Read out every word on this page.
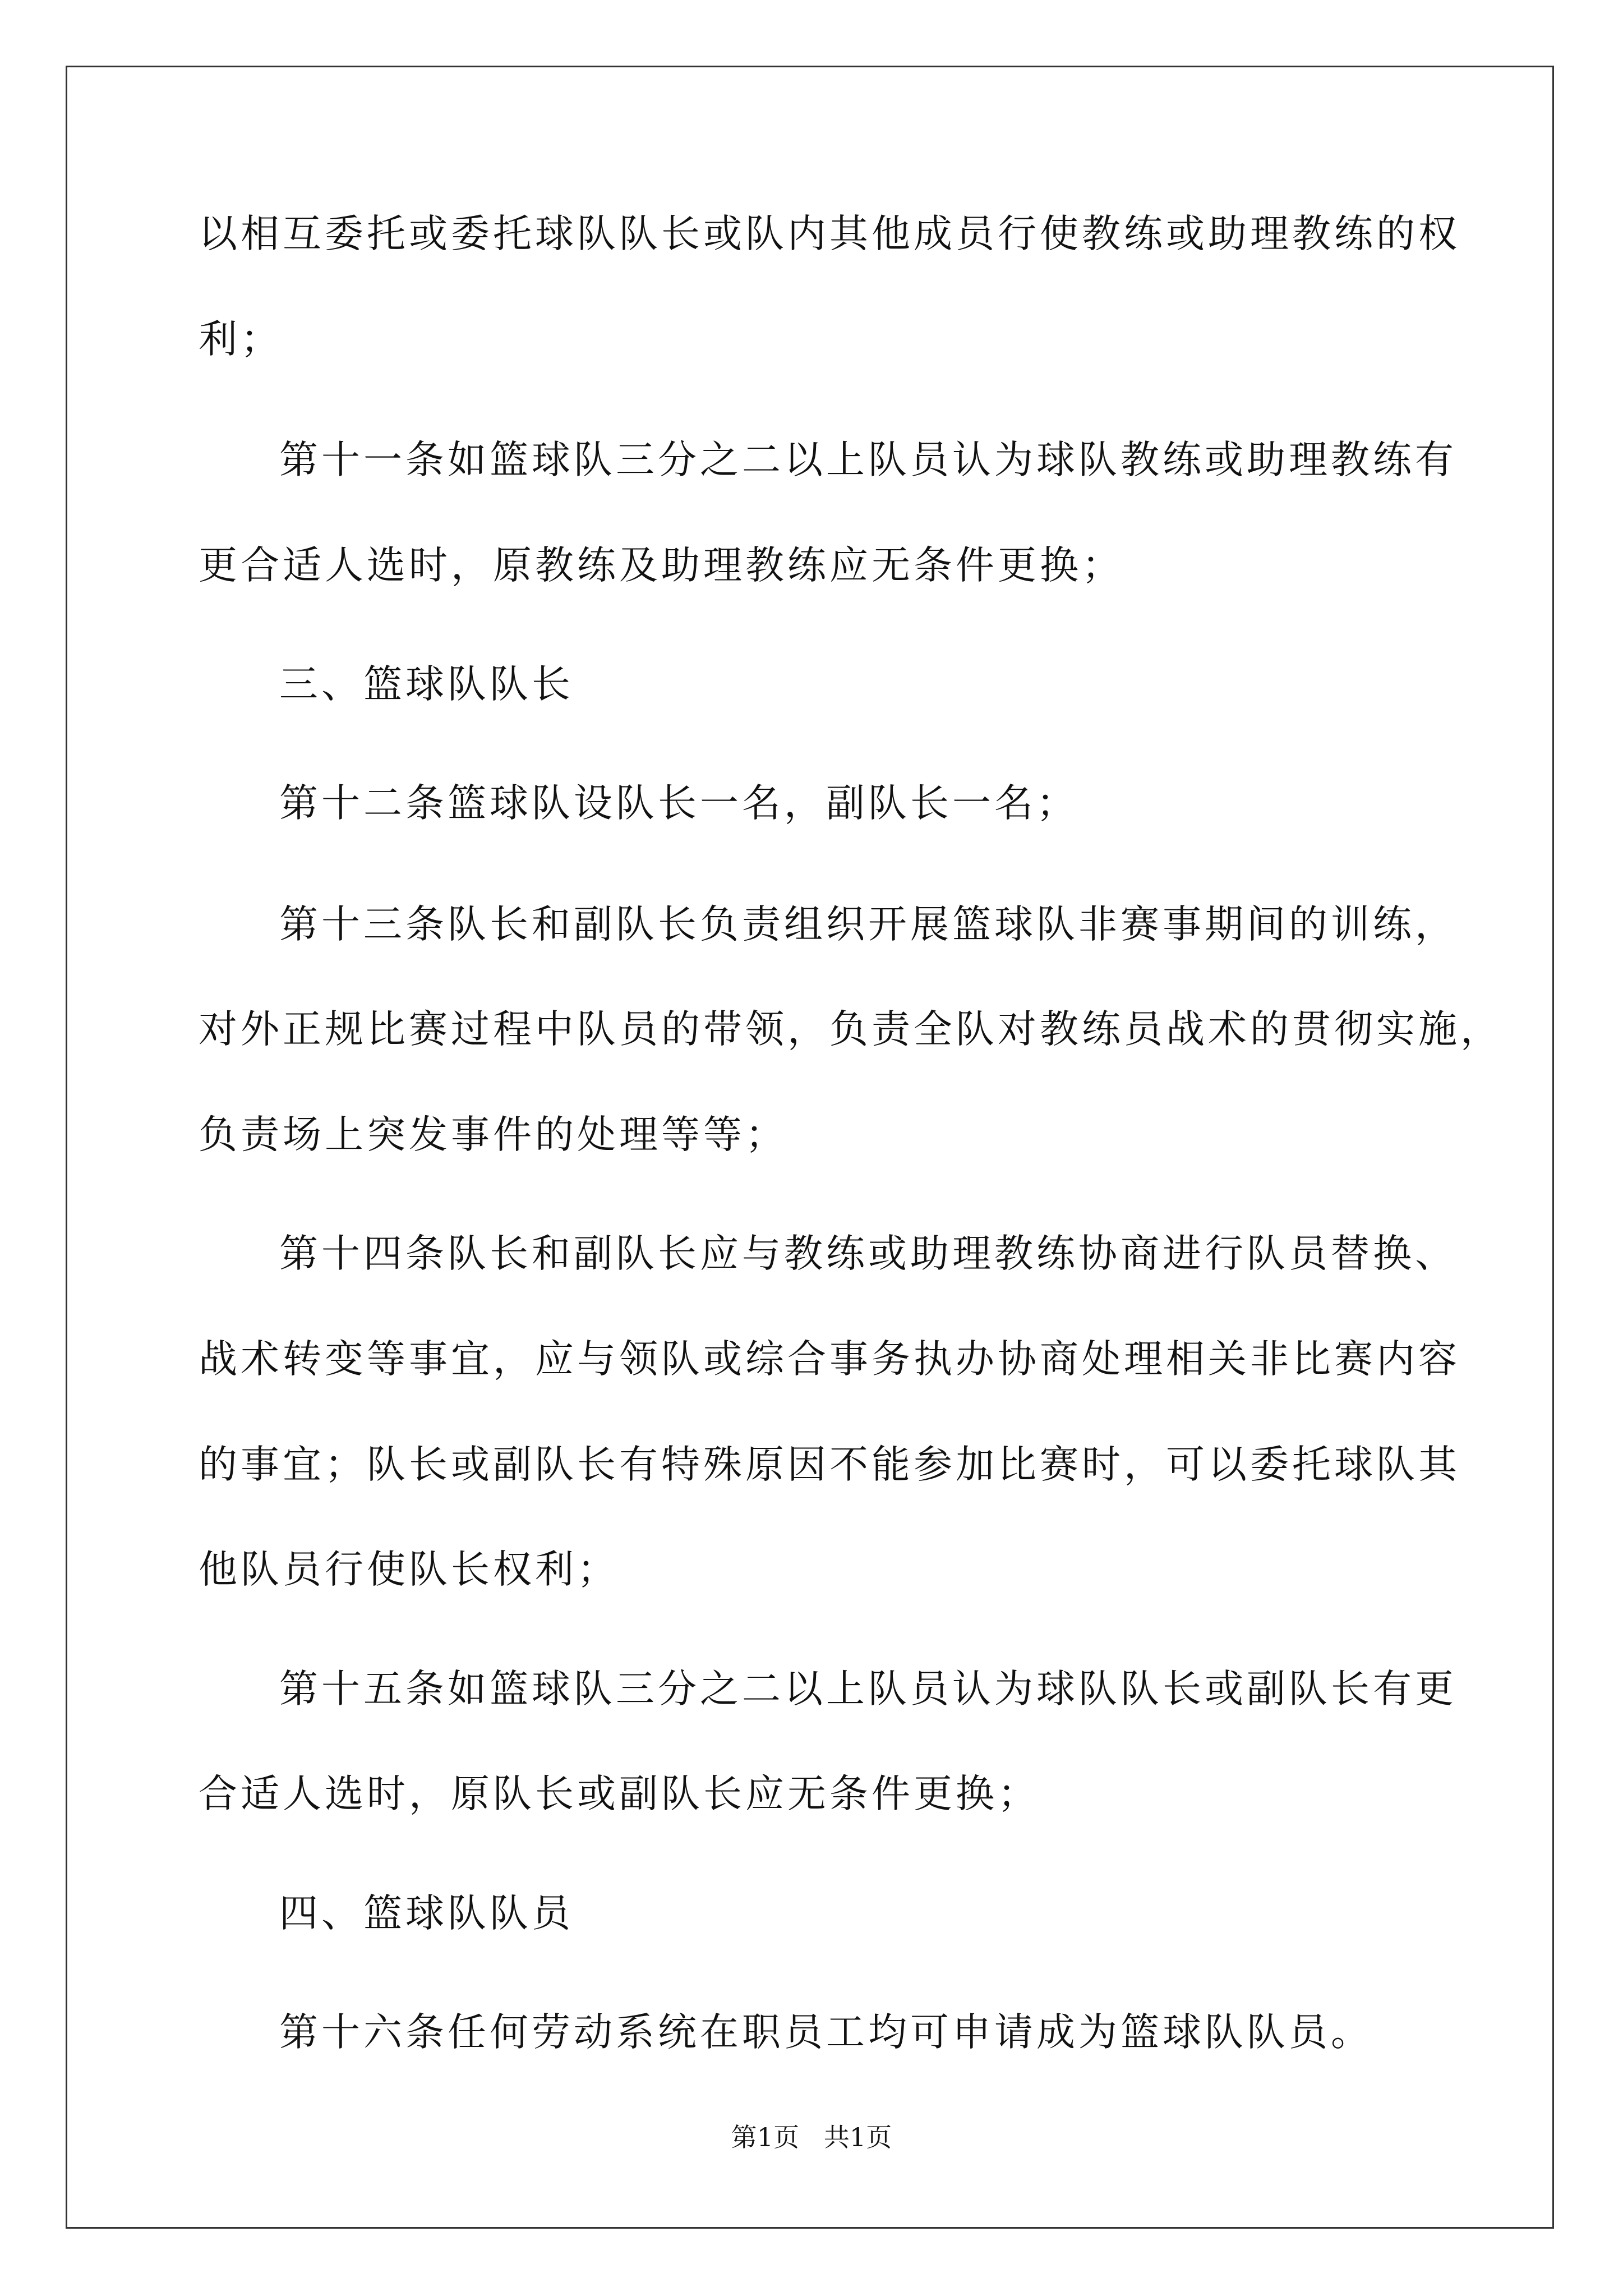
以相互委托或委托球队队长或队内其他成员行使教练或助理教练的权
利；
第十一条如篮球队三分之二以上队员认为球队教练或助理教练有
更合适人选时，原教练及助理教练应无条件更换；
三、篮球队队长
第十二条篮球队设队长一名，副队长一名；
第十三条队长和副队长负责组织开展篮球队非赛事期间的训练，
对外正规比赛过程中队员的带领，负责全队对教练员战术的贯彻实施，
负责场上突发事件的处理等等；
第十四条队长和副队长应与教练或助理教练协商进行队员替换、
战术转变等事宜，应与领队或综合事务执办协商处理相关非比赛内容
的事宜；队长或副队长有特殊原因不能参加比赛时，可以委托球队其
他队员行使队长权利；
第十五条如篮球队三分之二以上队员认为球队队长或副队长有更
合适人选时，原队长或副队长应无条件更换；
四、篮球队队员
第十六条任何劳动系统在职员工均可申请成为篮球队队员。
第1页   共1页
